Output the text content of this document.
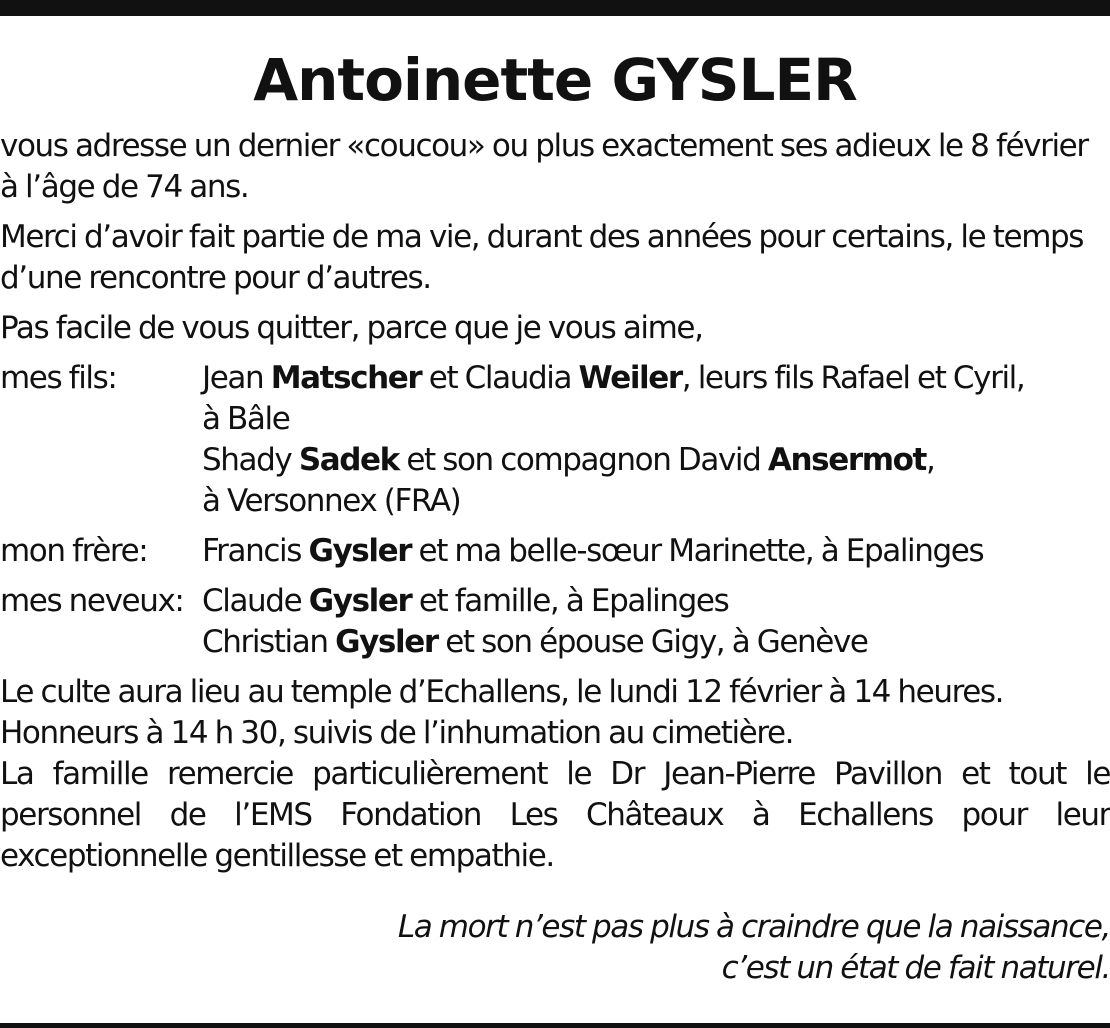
Antoinette GYSLER

vous adresse un dernier «coucou» ou plus exactement ses adieux le 8 février
à l’âge de 74 ans.

Merci d’avoir fait partie de ma vie, durant des années pour certains, le temps
d’une rencontre pour d’autres.

Pas facile de vous quitter, parce que je vous aime,

mes fils:	Jean Matscher et Claudia Weiler, leurs fils Rafael et Cyril,
à Bâle
Shady Sadek et son compagnon David Ansermot,
à Versonnex (FRA)
mon frère:	Francis Gysler et ma belle-sœur Marinette, à Epalinges
mes neveux: Claude Gysler et famille, à Epalinges
Christian Gysler et son épouse Gigy, à Genève

Le culte aura lieu au temple d’Echallens, le lundi 12 février à 14 heures.
Honneurs à 14 h 30, suivis de l’inhumation au cimetière.
La famille remercie particulièrement le Dr Jean-Pierre Pavillon et tout le personnel de l’EMS Fondation Les Châteaux à Echallens pour leur exceptionnelle gentillesse et empathie.

La mort n’est pas plus à craindre que la naissance,
c’est un état de fait naturel.
